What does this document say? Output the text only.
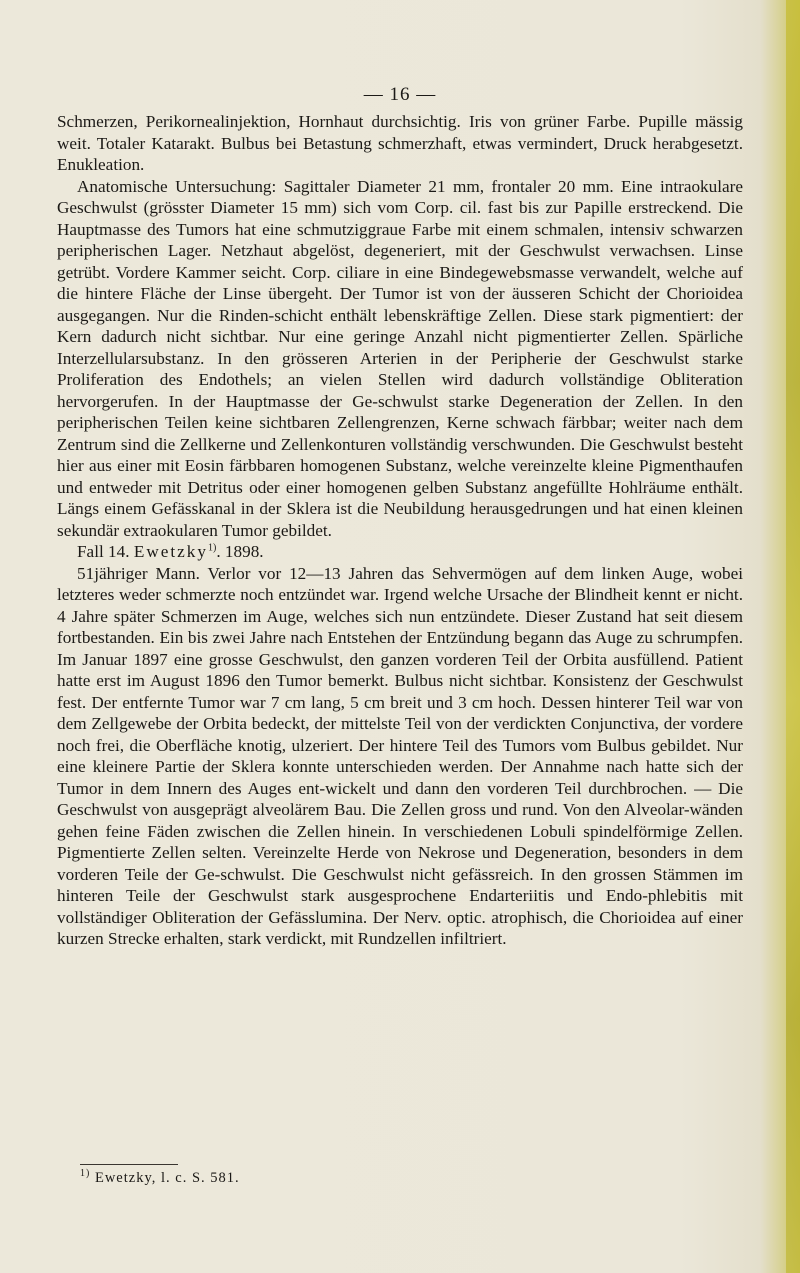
— 16 —

Schmerzen, Perikornealinjektion, Hornhaut durchsichtig. Iris von grüner Farbe. Pupille mässig weit. Totaler Katarakt. Bulbus bei Betastung schmerzhaft, etwas vermindert, Druck herabgesetzt. Enukleation.

Anatomische Untersuchung: Sagittaler Diameter 21 mm, frontaler 20 mm. Eine intraokulare Geschwulst (grösster Diameter 15 mm) sich vom Corp. cil. fast bis zur Papille erstreckend. Die Hauptmasse des Tumors hat eine schmutziggraue Farbe mit einem schmalen, intensiv schwarzen peripherischen Lager. Netzhaut abgelöst, degeneriert, mit der Geschwulst verwachsen. Linse getrübt. Vordere Kammer seicht. Corp. ciliare in eine Bindegewebsmasse verwandelt, welche auf die hintere Fläche der Linse übergeht. Der Tumor ist von der äusseren Schicht der Chorioidea ausgegangen. Nur die Rinden-schicht enthält lebenskräftige Zellen. Diese stark pigmentiert: der Kern dadurch nicht sichtbar. Nur eine geringe Anzahl nicht pigmentierter Zellen. Spärliche Interzellularsubstanz. In den grösseren Arterien in der Peripherie der Geschwulst starke Proliferation des Endothels; an vielen Stellen wird dadurch vollständige Obliteration hervorgerufen. In der Hauptmasse der Ge-schwulst starke Degeneration der Zellen. In den peripherischen Teilen keine sichtbaren Zellengrenzen, Kerne schwach färbbar; weiter nach dem Zentrum sind die Zellkerne und Zellenkonturen vollständig verschwunden. Die Geschwulst besteht hier aus einer mit Eosin färbbaren homogenen Substanz, welche vereinzelte kleine Pigmenthaufen und entweder mit Detritus oder einer homogenen gelben Substanz angefüllte Hohlräume enthält. Längs einem Gefässkanal in der Sklera ist die Neubildung herausgedrungen und hat einen kleinen sekundär extraokularen Tumor gebildet.

Fall 14. Ewetzky$^{1)}$. 1898.

51jähriger Mann. Verlor vor 12—13 Jahren das Sehvermögen auf dem linken Auge, wobei letzteres weder schmerzte noch entzündet war. Irgend welche Ursache der Blindheit kennt er nicht. 4 Jahre später Schmerzen im Auge, welches sich nun entzündete. Dieser Zustand hat seit diesem fortbestanden. Ein bis zwei Jahre nach Entstehen der Entzündung begann das Auge zu schrumpfen. Im Januar 1897 eine grosse Geschwulst, den ganzen vorderen Teil der Orbita ausfüllend. Patient hatte erst im August 1896 den Tumor bemerkt. Bulbus nicht sichtbar. Konsistenz der Geschwulst fest. Der entfernte Tumor war 7 cm lang, 5 cm breit und 3 cm hoch. Dessen hinterer Teil war von dem Zellgewebe der Orbita bedeckt, der mittelste Teil von der verdickten Conjunctiva, der vordere noch frei, die Oberfläche knotig, ulzeriert. Der hintere Teil des Tumors vom Bulbus gebildet. Nur eine kleinere Partie der Sklera konnte unterschieden werden. Der Annahme nach hatte sich der Tumor in dem Innern des Auges ent-wickelt und dann den vorderen Teil durchbrochen. — Die Geschwulst von ausgeprägt alveolärem Bau. Die Zellen gross und rund. Von den Alveolar-wänden gehen feine Fäden zwischen die Zellen hinein. In verschiedenen Lobuli spindelförmige Zellen. Pigmentierte Zellen selten. Vereinzelte Herde von Nekrose und Degeneration, besonders in dem vorderen Teile der Ge-schwulst. Die Geschwulst nicht gefässreich. In den grossen Stämmen im hinteren Teile der Geschwulst stark ausgesprochene Endarteriitis und Endo-phlebitis mit vollständiger Obliteration der Gefässlumina. Der Nerv. optic. atrophisch, die Chorioidea auf einer kurzen Strecke erhalten, stark verdickt, mit Rundzellen infiltriert.

$^{1)}$ Ewetzky, l. c. S. 581.
